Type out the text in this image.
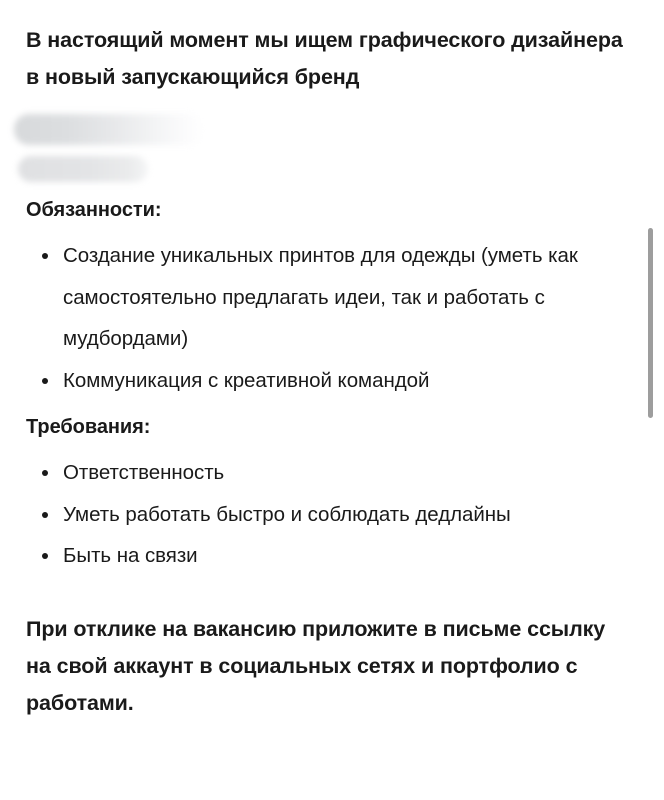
В настоящий момент мы ищем графического дизайнера в новый запускающийся бренд

Обязанности:
Создание уникальных принтов для одежды (уметь как самостоятельно предлагать идеи, так и работать с мудбордами)
Коммуникация с креативной командой
Требования:
Ответственность
Уметь работать быстро и соблюдать дедлайны
Быть на связи

При отклике на вакансию приложите в письме ссылку на свой аккаунт в социальных сетях и портфолио с работами.
